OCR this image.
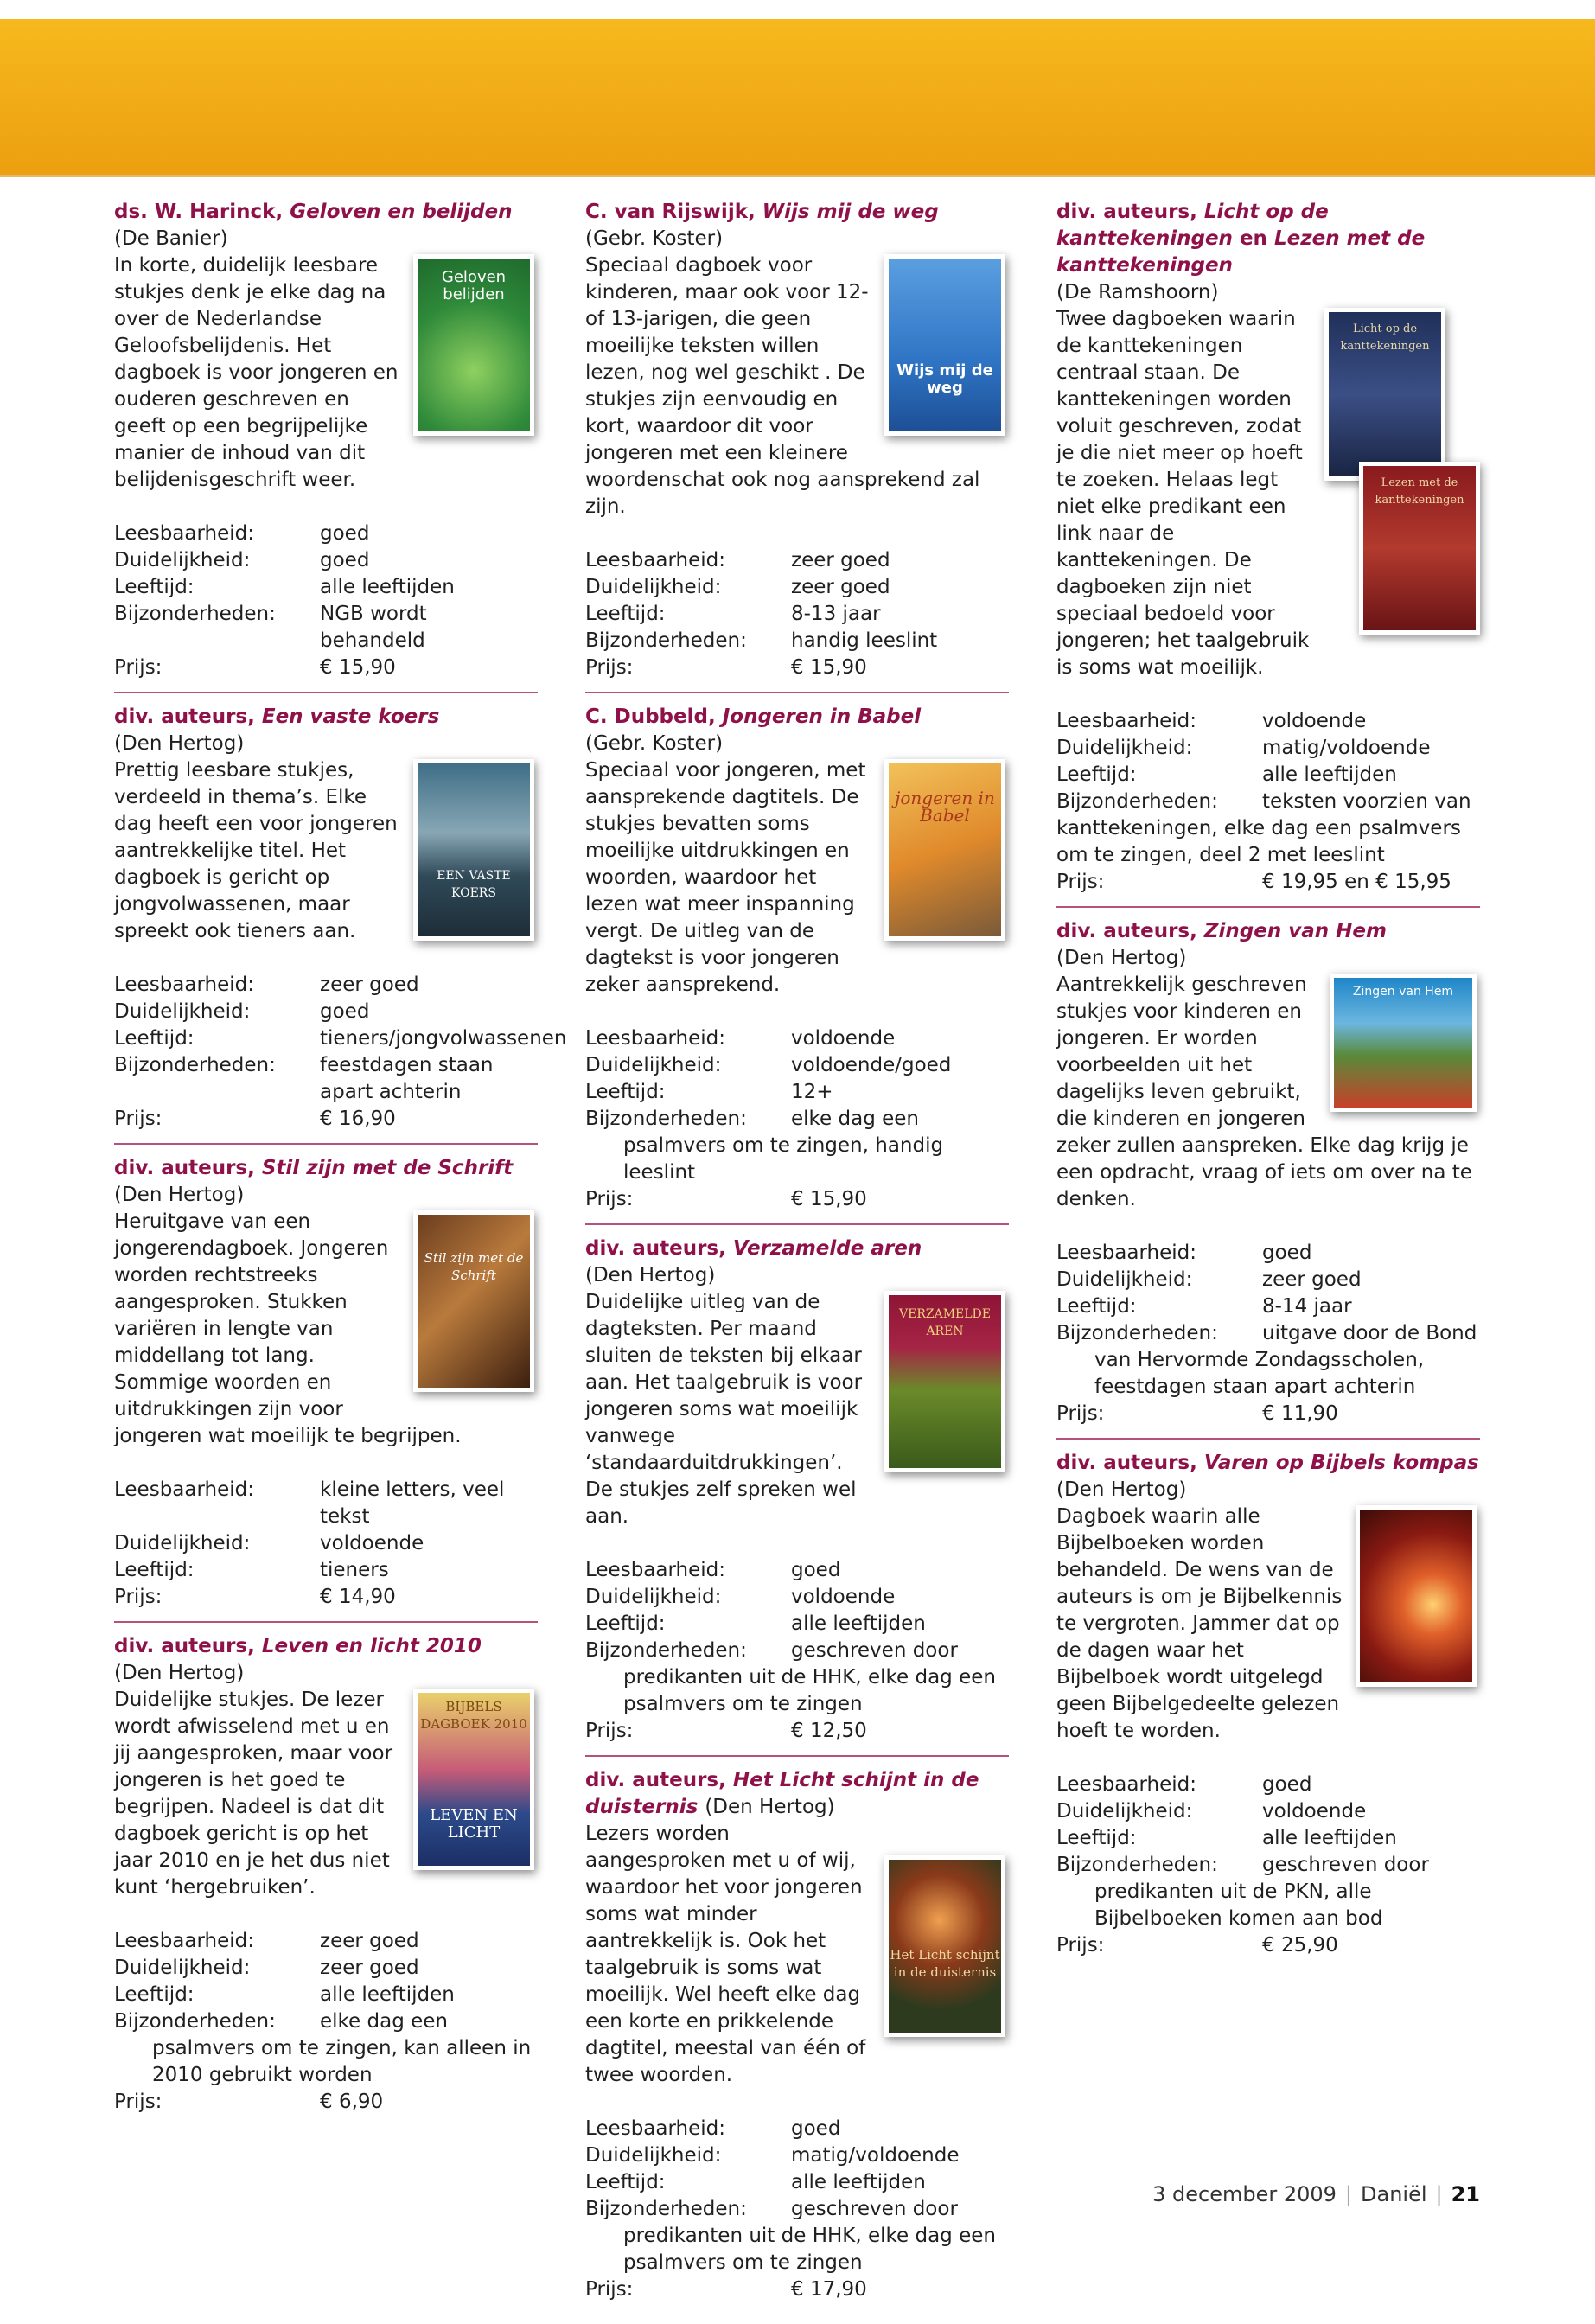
ds. W. Harinck, Geloven en belijden
(De Banier)
Geloven belijden
In korte, duidelijk leesbare stukjes denk je elke dag na over de Nederlandse Geloofsbelijdenis. Het dagboek is voor jongeren en ouderen geschreven en geeft op een begrijpelijke manier de inhoud van dit belijdenisgeschrift weer.
Leesbaarheid:	goed
Duidelijkheid:	goed
Leeftijd:	alle leeftijden
Bijzonderheden:	NGB wordt behandeld
Prijs:	€ 15,90
div. auteurs, Een vaste koers
(Den Hertog)
EEN VASTE KOERS
Prettig leesbare stukjes, verdeeld in thema’s. Elke dag heeft een voor jongeren aantrekkelijke titel. Het dagboek is gericht op jongvolwassenen, maar spreekt ook tieners aan.
Leesbaarheid:	zeer goed
Duidelijkheid:	goed
Leeftijd:	tieners/jongvolwassenen
Bijzonderheden:	feestdagen staan apart achterin
Prijs:	€ 16,90
div. auteurs, Stil zijn met de Schrift
(Den Hertog)
Stil zijn met de Schrift
Heruitgave van een jongerendagboek. Jongeren worden rechtstreeks aangesproken. Stukken variëren in lengte van middellang tot lang. Sommige woorden en uitdrukkingen zijn voor jongeren wat moeilijk te begrijpen.
Leesbaarheid:	kleine letters, veel tekst
Duidelijkheid:	voldoende
Leeftijd:	tieners
Prijs:	€ 14,90
div. auteurs, Leven en licht 2010
(Den Hertog)
BIJBELS DAGBOEK 2010
LEVEN EN LICHT
Duidelijke stukjes. De lezer wordt afwisselend met u en jij aangesproken, maar voor jongeren is het goed te begrijpen. Nadeel is dat dit dagboek gericht is op het jaar 2010 en je het dus niet kunt ‘hergebruiken’.
Leesbaarheid:	zeer goed
Duidelijkheid:	zeer goed
Leeftijd:	alle leeftijden
Bijzonderheden: elke dag een psalmvers om te zingen, kan alleen in 2010 gebruikt worden
Prijs:	€ 6,90
C. van Rijswijk, Wijs mij de weg
(Gebr. Koster)
Wijs mij de weg
Speciaal dagboek voor kinderen, maar ook voor 12- of 13-jarigen, die geen moeilijke teksten willen lezen, nog wel geschikt . De stukjes zijn eenvoudig en kort, waardoor dit voor jongeren met een kleinere woordenschat ook nog aansprekend zal zijn.
Leesbaarheid:	zeer goed
Duidelijkheid:	zeer goed
Leeftijd:	8-13 jaar
Bijzonderheden:	handig leeslint
Prijs:	€ 15,90
C. Dubbeld, Jongeren in Babel
(Gebr. Koster)
jongeren in Babel
Speciaal voor jongeren, met aansprekende dagtitels. De stukjes bevatten soms moeilijke uitdrukkingen en woorden, waardoor het lezen wat meer inspanning vergt. De uitleg van de dagtekst is voor jongeren zeker aansprekend.
Leesbaarheid:	voldoende
Duidelijkheid:	voldoende/goed
Leeftijd:	12+
Bijzonderheden: elke dag een psalmvers om te zingen, handig leeslint
Prijs:	€ 15,90
div. auteurs, Verzamelde aren
(Den Hertog)
VERZAMELDE AREN
Duidelijke uitleg van de dagteksten. Per maand sluiten de teksten bij elkaar aan. Het taalgebruik is voor jongeren soms wat moeilijk vanwege ‘standaarduitdrukkingen’. De stukjes zelf spreken wel aan.
Leesbaarheid:	goed
Duidelijkheid:	voldoende
Leeftijd:	alle leeftijden
Bijzonderheden: geschreven door predikanten uit de HHK, elke dag een psalmvers om te zingen
Prijs:	€ 12,50
div. auteurs, Het Licht schijnt in de duisternis (Den Hertog)
Het Licht schijnt in de duisternis
Lezers worden aangesproken met u of wij, waardoor het voor jongeren soms wat minder aantrekkelijk is. Ook het taalgebruik is soms wat moeilijk. Wel heeft elke dag een korte en prikkelende dagtitel, meestal van één of twee woorden.
Leesbaarheid:	goed
Duidelijkheid:	matig/voldoende
Leeftijd:	alle leeftijden
Bijzonderheden: geschreven door predikanten uit de HHK, elke dag een psalmvers om te zingen
Prijs:	€ 17,90
div. auteurs, Licht op de kanttekeningen en Lezen met de kanttekeningen
(De Ramshoorn)
Licht op de kanttekeningen
Lezen met de kanttekeningen
Twee dagboeken waarin de kanttekeningen centraal staan. De kanttekeningen worden voluit geschreven, zodat je die niet meer op hoeft te zoeken. Helaas legt niet elke predikant een link naar de kanttekeningen. De dagboeken zijn niet speciaal bedoeld voor jongeren; het taalgebruik is soms wat moeilijk.
Leesbaarheid:	voldoende
Duidelijkheid:	matig/voldoende
Leeftijd:	alle leeftijden
Bijzonderheden: teksten voorzien van kanttekeningen, elke dag een psalmvers om te zingen, deel 2 met leeslint
Prijs:	€ 19,95 en € 15,95
div. auteurs, Zingen van Hem
(Den Hertog)
Zingen van Hem
Aantrekkelijk geschreven stukjes voor kinderen en jongeren. Er worden voorbeelden uit het dagelijks leven gebruikt, die kinderen en jongeren zeker zullen aanspreken. Elke dag krijg je een opdracht, vraag of iets om over na te denken.
Leesbaarheid:	goed
Duidelijkheid:	zeer goed
Leeftijd:	8-14 jaar
Bijzonderheden: uitgave door de Bond van Hervormde Zondagsscholen, feestdagen staan apart achterin
Prijs:	€ 11,90
div. auteurs, Varen op Bijbels kompas (Den Hertog)
Dagboek waarin alle Bijbelboeken worden behandeld. De wens van de auteurs is om je Bijbelkennis te vergroten. Jammer dat op de dagen waar het Bijbelboek wordt uitgelegd geen Bijbelgedeelte gelezen hoeft te worden.
Leesbaarheid:	goed
Duidelijkheid:	voldoende
Leeftijd:	alle leeftijden
Bijzonderheden: geschreven door predikanten uit de PKN, alle Bijbelboeken komen aan bod
Prijs:	€ 25,90
3 december 2009 | Daniël | 21
